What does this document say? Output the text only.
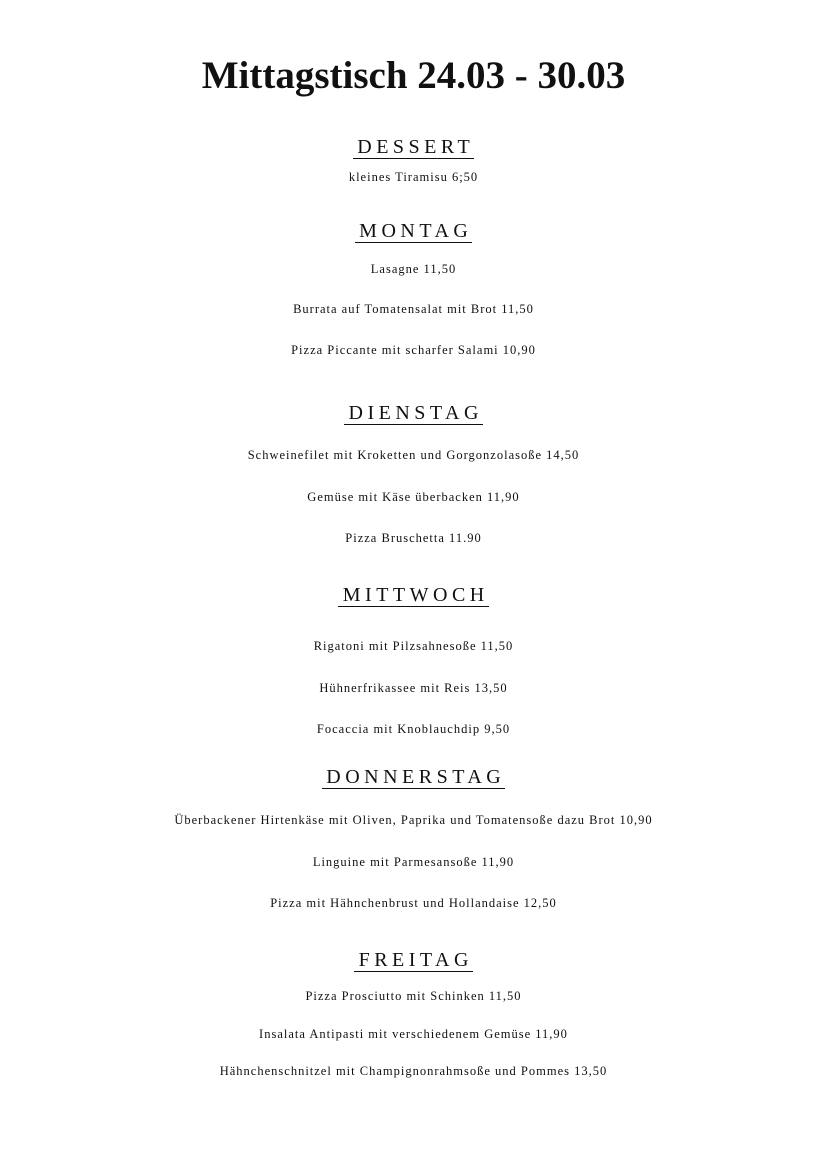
Mittagstisch 24.03 - 30.03
DESSERT

kleines Tiramisu 6;50

MONTAG

Lasagne 11,50

Burrata auf Tomatensalat mit Brot 11,50

Pizza Piccante mit scharfer Salami 10,90

DIENSTAG

Schweinefilet mit Kroketten und Gorgonzolasoße 14,50

Gemüse mit Käse überbacken 11,90

Pizza Bruschetta 11.90

MITTWOCH

Rigatoni mit Pilzsahnesoße 11,50

Hühnerfrikassee mit Reis 13,50

Focaccia mit Knoblauchdip 9,50

DONNERSTAG

Überbackener Hirtenkäse mit Oliven, Paprika und Tomatensoße dazu Brot 10,90

Linguine mit Parmesansoße 11,90

Pizza mit Hähnchenbrust und Hollandaise 12,50

FREITAG

Pizza Prosciutto mit Schinken 11,50

Insalata Antipasti mit verschiedenem Gemüse 11,90

Hähnchenschnitzel mit Champignonrahmsoße und Pommes 13,50
